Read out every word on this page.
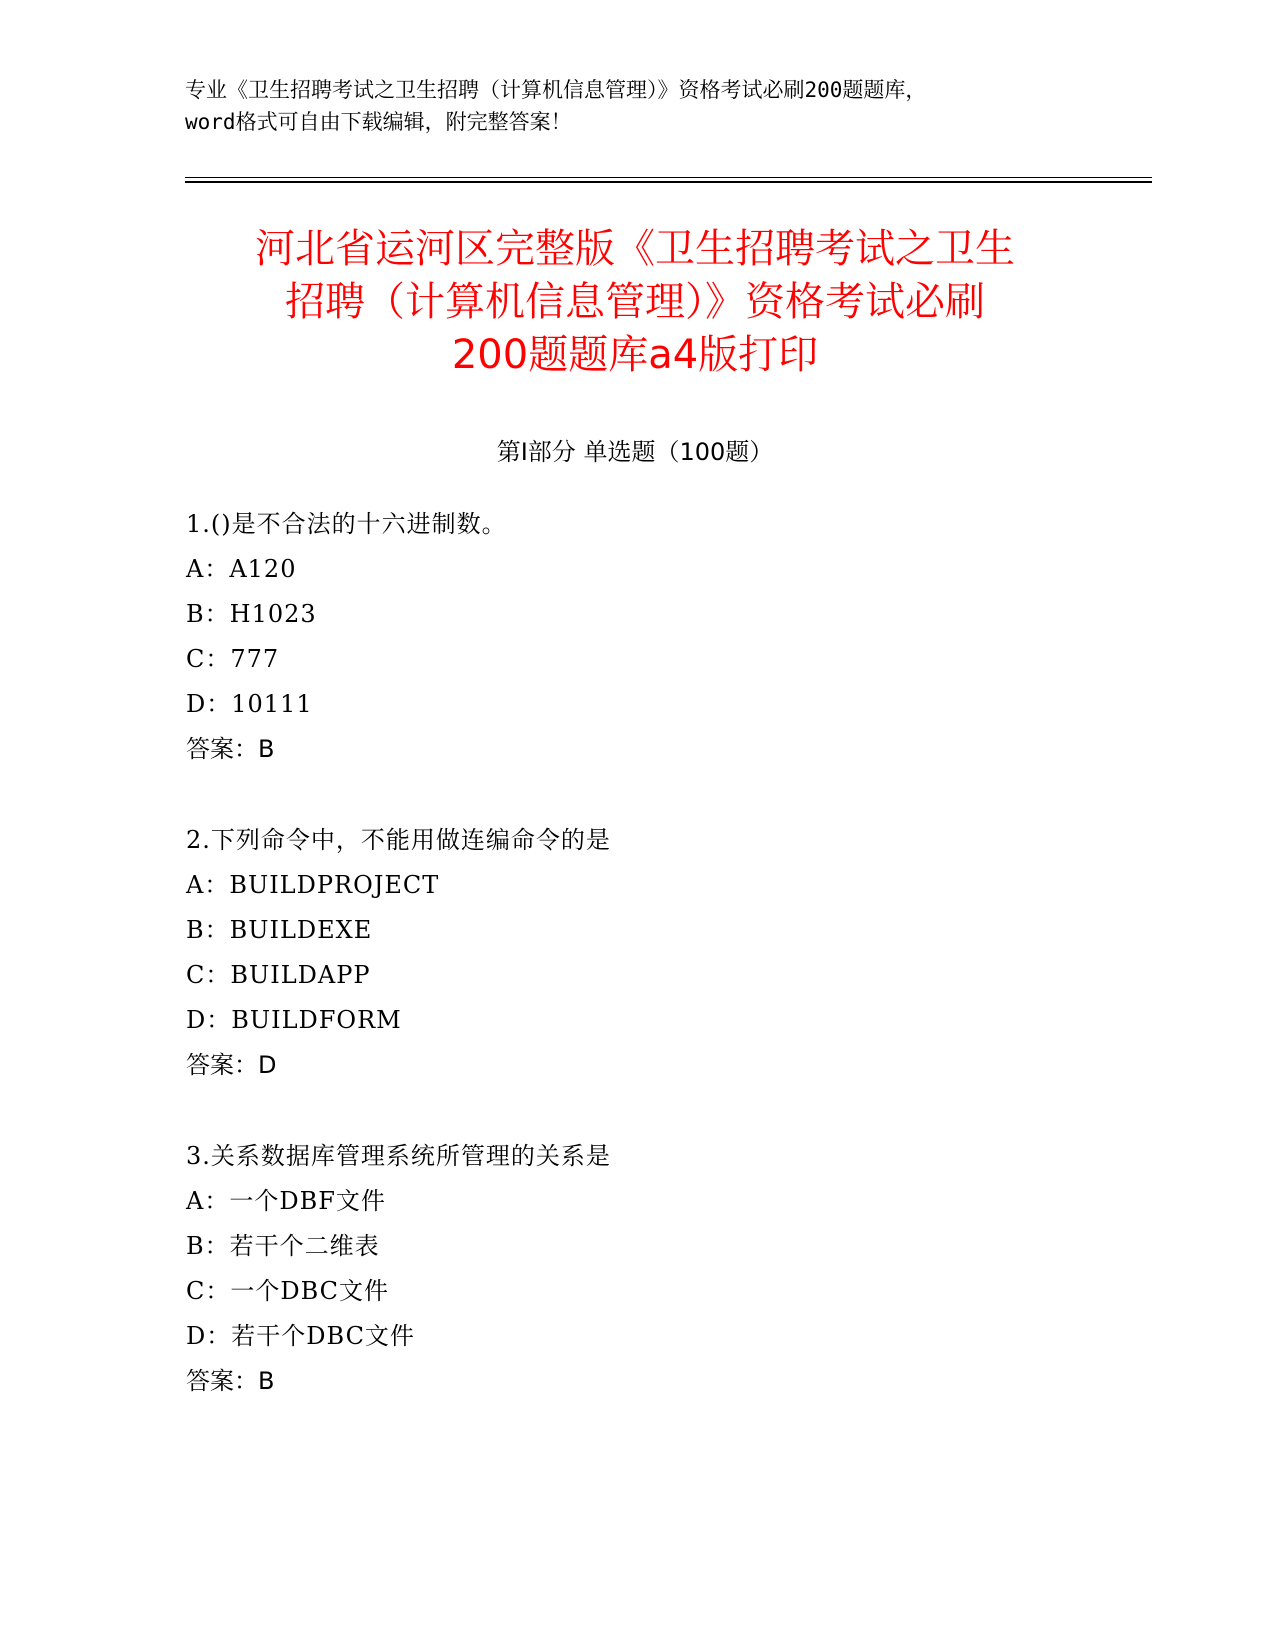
专业《卫生招聘考试之卫生招聘（计算机信息管理）》资格考试必刷200题题库，
word格式可自由下载编辑，附完整答案！
河北省运河区完整版《卫生招聘考试之卫生
招聘（计算机信息管理）》资格考试必刷
200题题库a4版打印
第Ⅰ部分 单选题（100题）
1.()是不合法的十六进制数。
A：A120
B：H1023
C：777
D：10111
答案：B
2.下列命令中，不能用做连编命令的是
A：BUILDPROJECT
B：BUILDEXE
C：BUILDAPP
D：BUILDFORM
答案：D
3.关系数据库管理系统所管理的关系是
A：一个DBF文件
B：若干个二维表
C：一个DBC文件
D：若干个DBC文件
答案：B
